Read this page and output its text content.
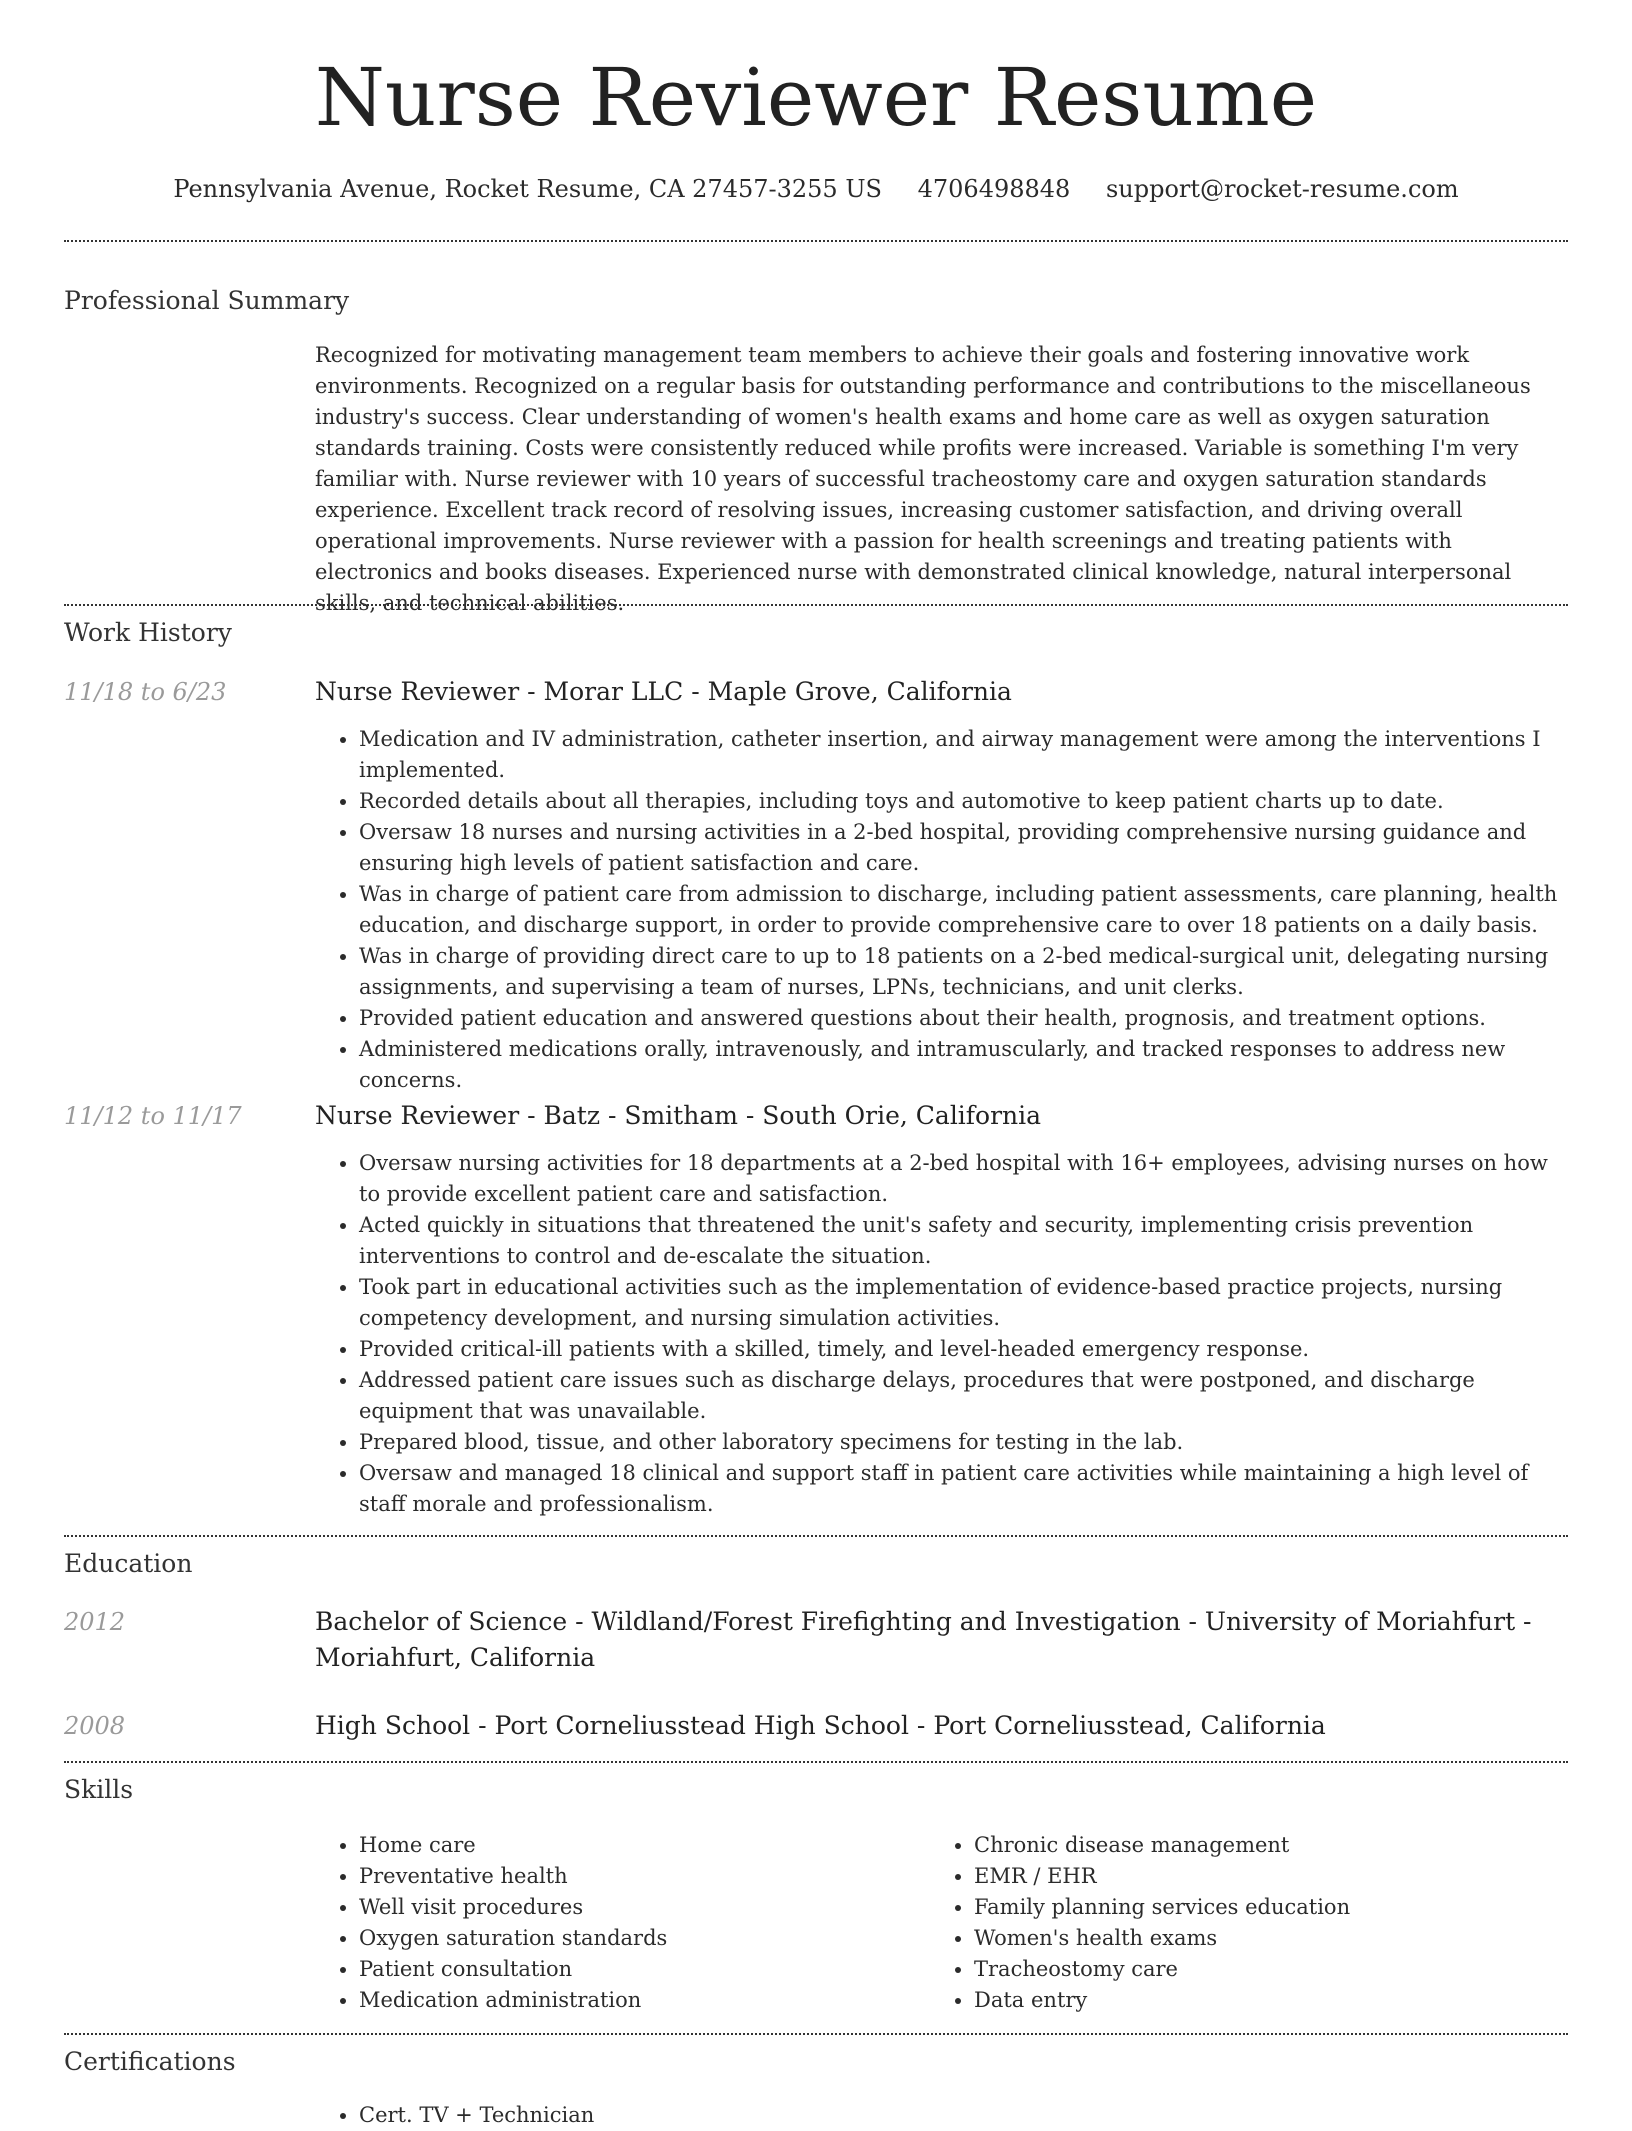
Nurse Reviewer Resume
Pennsylvania Avenue, Rocket Resume, CA 27457-3255 US 4706498848 support@rocket-resume.com
Professional Summary

Recognized for motivating management team members to achieve their goals and fostering innovative work environments. Recognized on a regular basis for outstanding performance and contributions to the miscellaneous industry's success. Clear understanding of women's health exams and home care as well as oxygen saturation standards training. Costs were consistently reduced while profits were increased. Variable is something I'm very familiar with. Nurse reviewer with 10 years of successful tracheostomy care and oxygen saturation standards experience. Excellent track record of resolving issues, increasing customer satisfaction, and driving overall operational improvements. Nurse reviewer with a passion for health screenings and treating patients with electronics and books diseases. Experienced nurse with demonstrated clinical knowledge, natural interpersonal skills, and technical abilities.

Work History
11/18 to 6/23	Nurse Reviewer - Morar LLC - Maple Grove, California
• Medication and IV administration, catheter insertion, and airway management were among the interventions I implemented.
• Recorded details about all therapies, including toys and automotive to keep patient charts up to date.
• Oversaw 18 nurses and nursing activities in a 2-bed hospital, providing comprehensive nursing guidance and ensuring high levels of patient satisfaction and care.
• Was in charge of patient care from admission to discharge, including patient assessments, care planning, health education, and discharge support, in order to provide comprehensive care to over 18 patients on a daily basis.
• Was in charge of providing direct care to up to 18 patients on a 2-bed medical-surgical unit, delegating nursing assignments, and supervising a team of nurses, LPNs, technicians, and unit clerks.
• Provided patient education and answered questions about their health, prognosis, and treatment options.
• Administered medications orally, intravenously, and intramuscularly, and tracked responses to address new concerns.
11/12 to 11/17	Nurse Reviewer - Batz - Smitham - South Orie, California
• Oversaw nursing activities for 18 departments at a 2-bed hospital with 16+ employees, advising nurses on how to provide excellent patient care and satisfaction.
• Acted quickly in situations that threatened the unit's safety and security, implementing crisis prevention interventions to control and de-escalate the situation.
• Took part in educational activities such as the implementation of evidence-based practice projects, nursing competency development, and nursing simulation activities.
• Provided critical-ill patients with a skilled, timely, and level-headed emergency response.
• Addressed patient care issues such as discharge delays, procedures that were postponed, and discharge equipment that was unavailable.
• Prepared blood, tissue, and other laboratory specimens for testing in the lab.
• Oversaw and managed 18 clinical and support staff in patient care activities while maintaining a high level of staff morale and professionalism.
Education
2012	Bachelor of Science - Wildland/Forest Firefighting and Investigation - University of Moriahfurt - Moriahfurt, California

2008	High School - Port Corneliusstead High School - Port Corneliusstead, California

Skills
• Home care
• Preventative health
• Well visit procedures
• Oxygen saturation standards
• Patient consultation
• Medication administration
• Chronic disease management
• EMR / EHR
• Family planning services education
• Women's health exams
• Tracheostomy care
• Data entry
Certifications
• Cert. TV + Technician
